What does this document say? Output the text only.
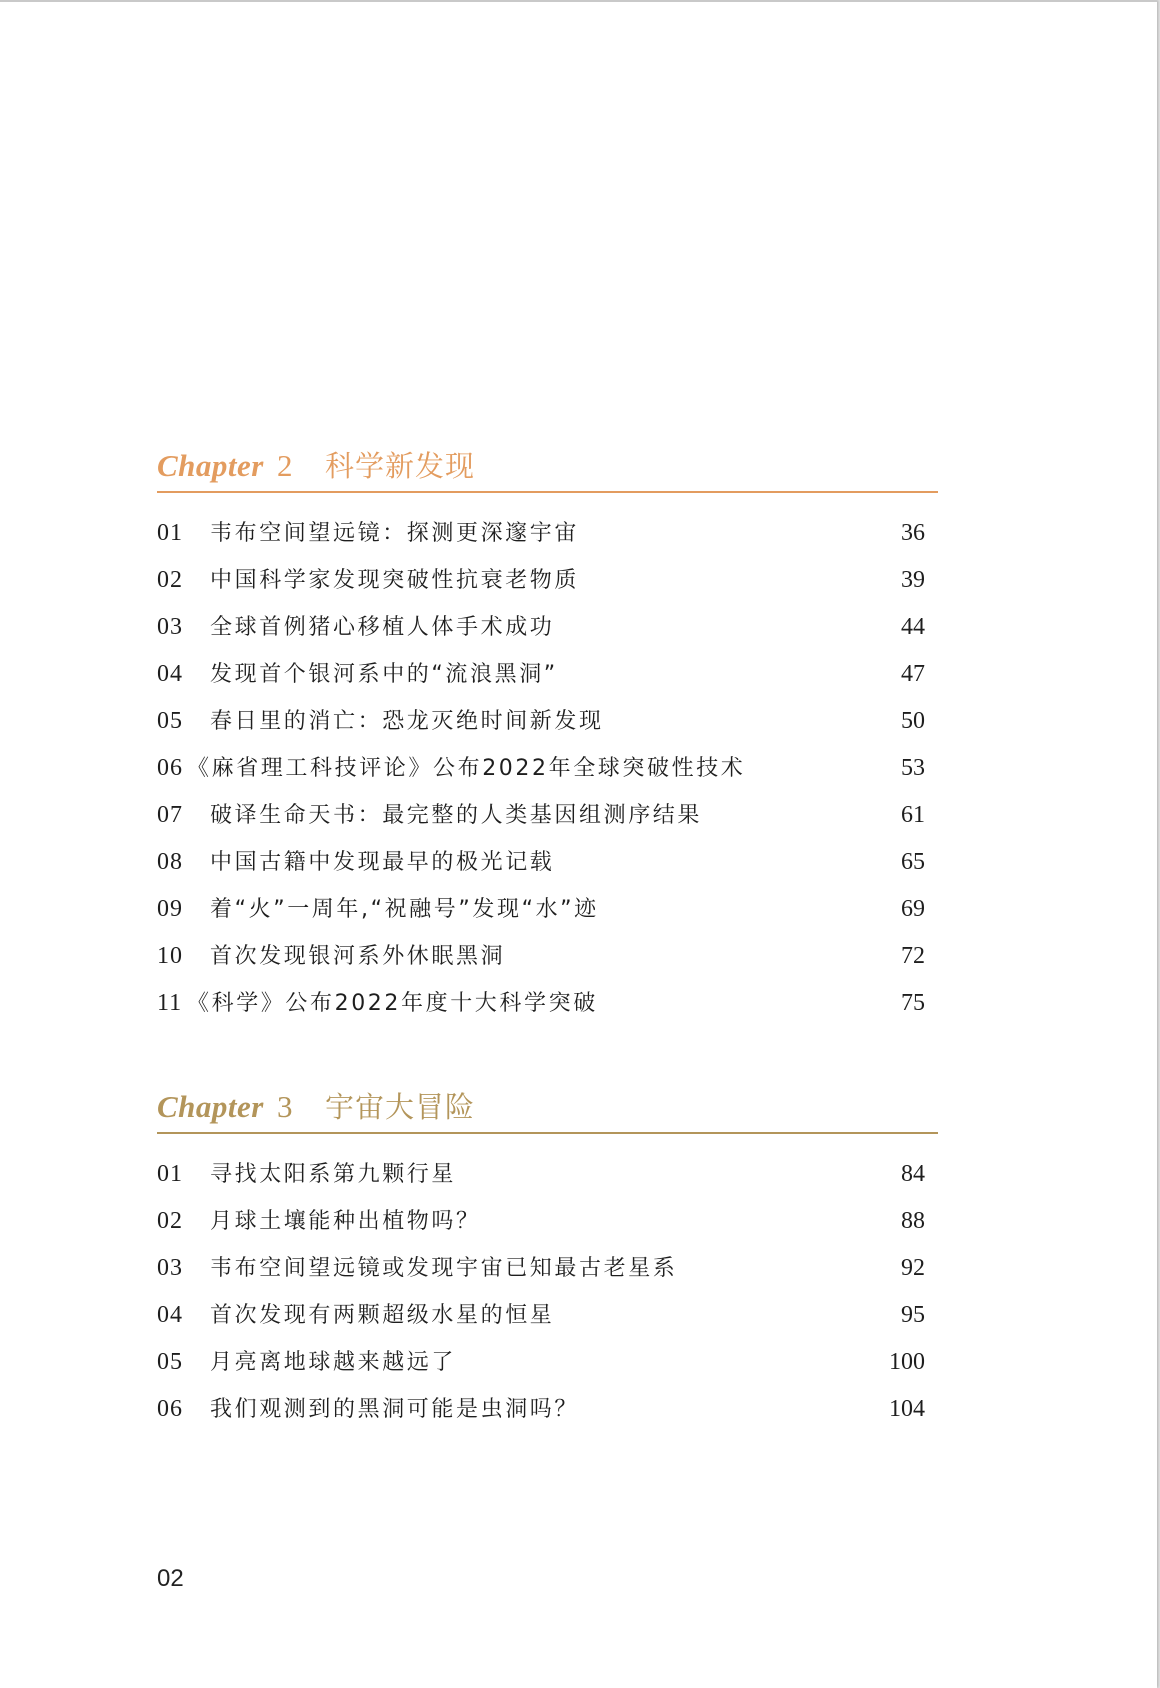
Chapter 2 科学新发现
01 韦布空间望远镜：探测更深邃宇宙	36
02 中国科学家发现突破性抗衰老物质	39
03 全球首例猪心移植人体手术成功	44
04 发现首个银河系中的“流浪黑洞”	47
05 春日里的消亡：恐龙灭绝时间新发现	50
06 《麻省理工科技评论》公布2022年全球突破性技术	53
07 破译生命天书：最完整的人类基因组测序结果	61
08 中国古籍中发现最早的极光记载	65
09 着“火”一周年,“祝融号”发现“水”迹	69
10 首次发现银河系外休眠黑洞	72
11 《科学》公布2022年度十大科学突破	75
Chapter 3 宇宙大冒险
01 寻找太阳系第九颗行星	84
02 月球土壤能种出植物吗？	88
03 韦布空间望远镜或发现宇宙已知最古老星系	92
04 首次发现有两颗超级水星的恒星	95
05 月亮离地球越来越远了	100
06 我们观测到的黑洞可能是虫洞吗？	104
02
